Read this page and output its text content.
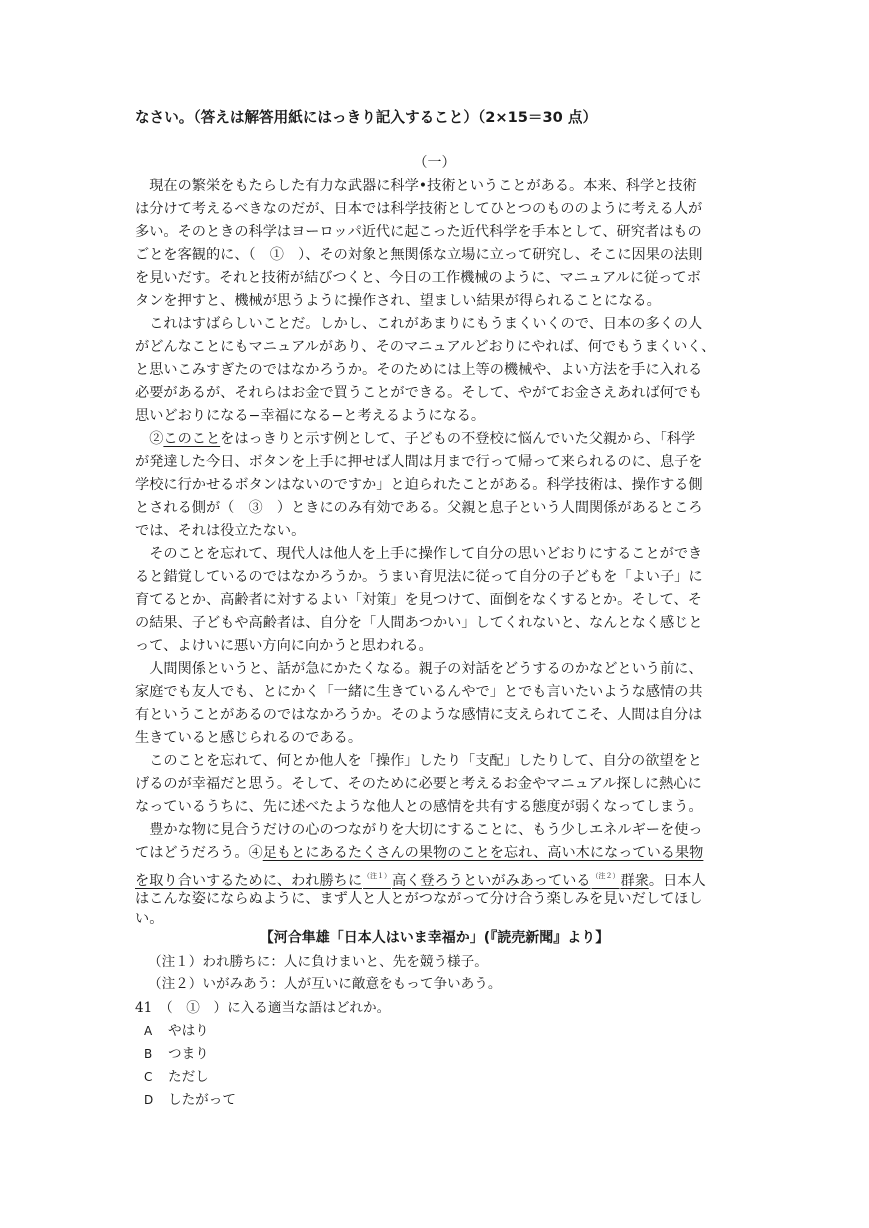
なさい。（答えは解答用紙にはっきり記入すること）（2×15＝30 点）
（一）
　現在の繁栄をもたらした有力な武器に科学•技術ということがある。本来、科学と技術
は分けて考えるべきなのだが、日本では科学技術としてひとつのもののように考える人が
多い。そのときの科学はヨーロッパ近代に起こった近代科学を手本として、研究者はもの
ごとを客観的に、（　①　）、その対象と無関係な立場に立って研究し、そこに因果の法則
を見いだす。それと技術が結びつくと、今日の工作機械のように、マニュアルに従ってボ
タンを押すと、機械が思うように操作され、望ましい結果が得られることになる。
　これはすばらしいことだ。しかし、これがあまりにもうまくいくので、日本の多くの人
がどんなことにもマニュアルがあり、そのマニュアルどおりにやれば、何でもうまくいく、
と思いこみすぎたのではなかろうか。そのためには上等の機械や、よい方法を手に入れる
必要があるが、それらはお金で買うことができる。そして、やがてお金さえあれば何でも
思いどおりになる−幸福になる−と考えるようになる。
　②このことをはっきりと示す例として、子どもの不登校に悩んでいた父親から、「科学
が発達した今日、ボタンを上手に押せば人間は月まで行って帰って来られるのに、息子を
学校に行かせるボタンはないのですか」と迫られたことがある。科学技術は、操作する側
とされる側が（　③　）ときにのみ有効である。父親と息子という人間関係があるところ
では、それは役立たない。
　そのことを忘れて、現代人は他人を上手に操作して自分の思いどおりにすることができ
ると錯覚しているのではなかろうか。うまい育児法に従って自分の子どもを「よい子」に
育てるとか、高齢者に対するよい「対策」を見つけて、面倒をなくするとか。そして、そ
の結果、子どもや高齢者は、自分を「人間あつかい」してくれないと、なんとなく感じと
って、よけいに悪い方向に向かうと思われる。
　人間関係というと、話が急にかたくなる。親子の対話をどうするのかなどという前に、
家庭でも友人でも、とにかく「一緒に生きているんやで」とでも言いたいような感情の共
有ということがあるのではなかろうか。そのような感情に支えられてこそ、人間は自分は
生きていると感じられるのである。
　このことを忘れて、何とか他人を「操作」したり「支配」したりして、自分の欲望をと
げるのが幸福だと思う。そして、そのために必要と考えるお金やマニュアル探しに熱心に
なっているうちに、先に述べたような他人との感情を共有する態度が弱くなってしまう。
　豊かな物に見合うだけの心のつながりを大切にすることに、もう少しエネルギーを使っ
てはどうだろう。④足もとにあるたくさんの果物のことを忘れ、高い木になっている果物
を取り合いするために、われ勝ちに$^{(注1)}$高く登ろうといがみあっている$^{(注2)}$群衆。日本人
はこんな姿にならぬように、まず人と人とがつながって分け合う楽しみを見いだしてほし
い。
【河合隼雄「日本人はいま幸福か」(『読売新聞』より】
（注１）われ勝ちに：人に負けまいと、先を競う様子。
（注２）いがみあう：人が互いに敵意をもって争いあう。
41　 （　①　）に入る適当な語はどれか。
A やはり
B つまり
C ただし
D したがって
